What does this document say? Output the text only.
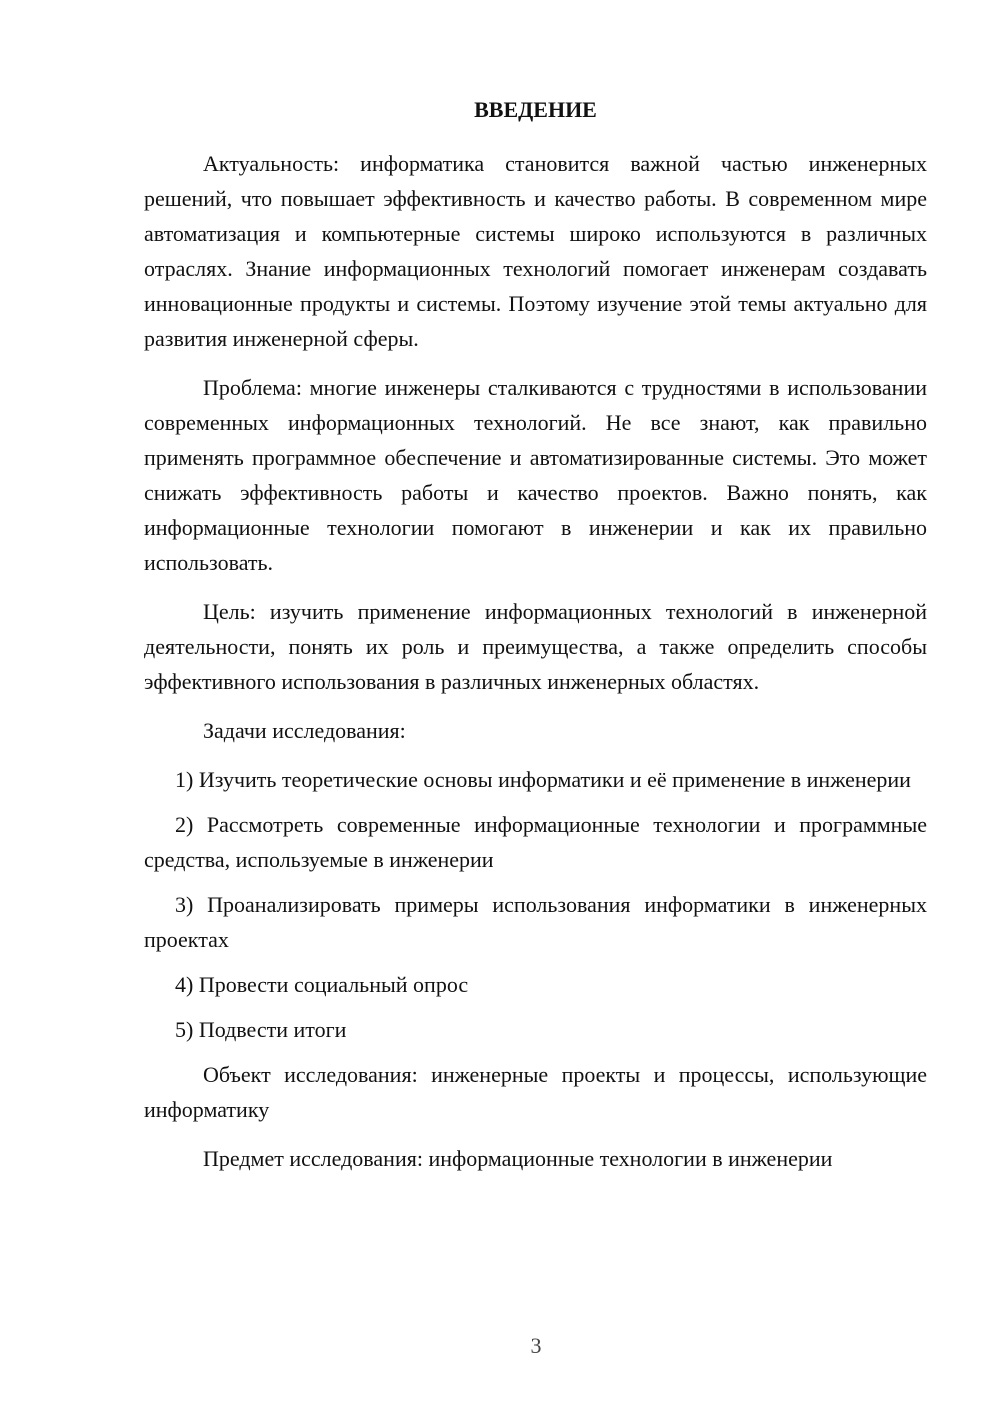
ВВЕДЕНИЕ

Актуальность: информатика становится важной частью инженерных решений, что повышает эффективность и качество работы. В современном мире автоматизация и компьютерные системы широко используются в различных отраслях. Знание информационных технологий помогает инженерам создавать инновационные продукты и системы. Поэтому изучение этой темы актуально для развития инженерной сферы.

Проблема: многие инженеры сталкиваются с трудностями в использовании современных информационных технологий. Не все знают, как правильно применять программное обеспечение и автоматизированные системы. Это может снижать эффективность работы и качество проектов. Важно понять, как информационные технологии помогают в инженерии и как их правильно использовать.

Цель: изучить применение информационных технологий в инженерной деятельности, понять их роль и преимущества, а также определить способы эффективного использования в различных инженерных областях.

Задачи исследования:

1) Изучить теоретические основы информатики и её применение в инженерии

2) Рассмотреть современные информационные технологии и программные средства, используемые в инженерии

3) Проанализировать примеры использования информатики в инженерных проектах

4) Провести социальный опрос

5) Подвести итоги

Объект исследования: инженерные проекты и процессы, использующие информатику

Предмет исследования: информационные технологии в инженерии

3
